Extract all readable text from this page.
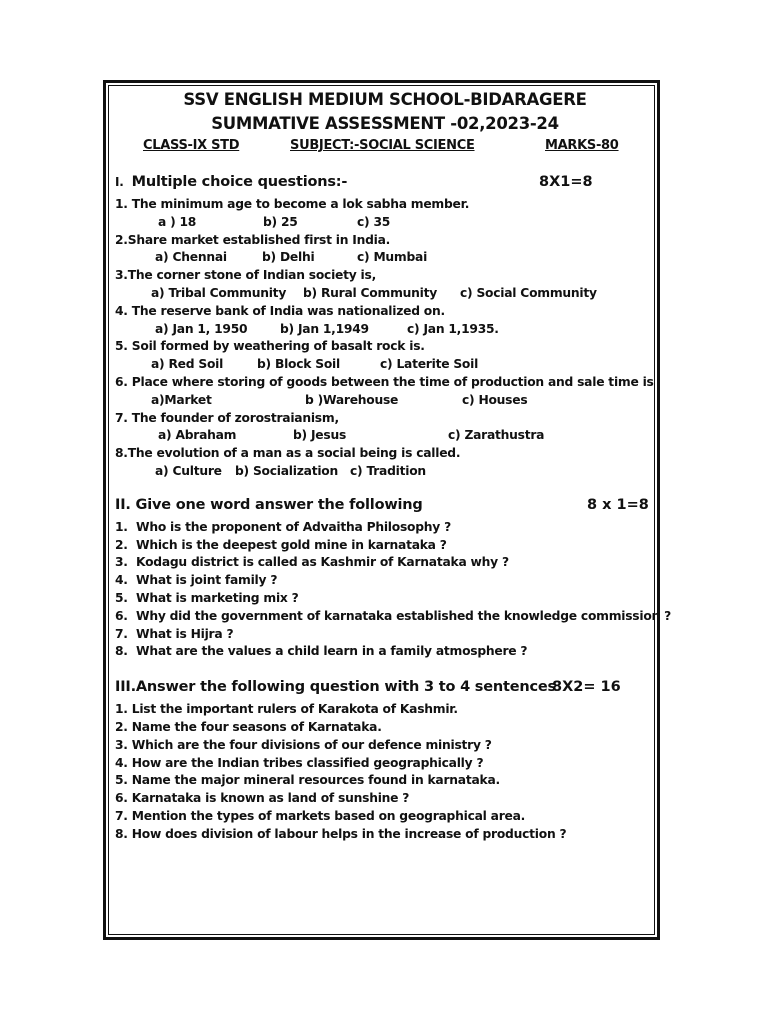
SSV ENGLISH MEDIUM SCHOOL-BIDARAGERE
SUMMATIVE ASSESSMENT -02,2023-24
CLASS-IX STD	SUBJECT:-SOCIAL SCIENCE	MARKS-80
I. Multiple choice questions:-	8X1=8
1. The minimum age to become a lok sabha member.
a ) 18	b) 25	c) 35
2.Share market established first in India.
a) Chennai	b) Delhi	c) Mumbai
3.The corner stone of Indian society is,
a) Tribal Community b) Rural Community c) Social Community
4. The reserve bank of India was nationalized on.
a) Jan 1, 1950	b) Jan 1,1949	c) Jan 1,1935.
5. Soil formed by weathering of basalt rock is.
a) Red Soil	b) Block Soil	c) Laterite Soil
6. Place where storing of goods between the time of production and sale time is
a)Market	b )Warehouse	c) Houses
7. The founder of zorostraianism,
a) Abraham	b) Jesus	c) Zarathustra
8.The evolution of a man as a social being is called.
a) Culture b) Socialization c) Tradition
II. Give one word answer the following	8 x 1=8
1. Who is the proponent of Advaitha Philosophy ?
2. Which is the deepest gold mine in karnataka ?
3. Kodagu district is called as Kashmir of Karnataka why ?
4. What is joint family ?
5. What is marketing mix ?
6. Why did the government of karnataka established the knowledge commission ?
7. What is Hijra ?
8. What are the values a child learn in a family atmosphere ?
III.Answer the following question with 3 to 4 sentences
8X2= 16
1. List the important rulers of Karakota of Kashmir.
2. Name the four seasons of Karnataka.
3. Which are the four divisions of our defence ministry ?
4. How are the Indian tribes classified geographically ?
5. Name the major mineral resources found in karnataka.
6. Karnataka is known as land of sunshine ?
7. Mention the types of markets based on geographical area.
8. How does division of labour helps in the increase of production ?
